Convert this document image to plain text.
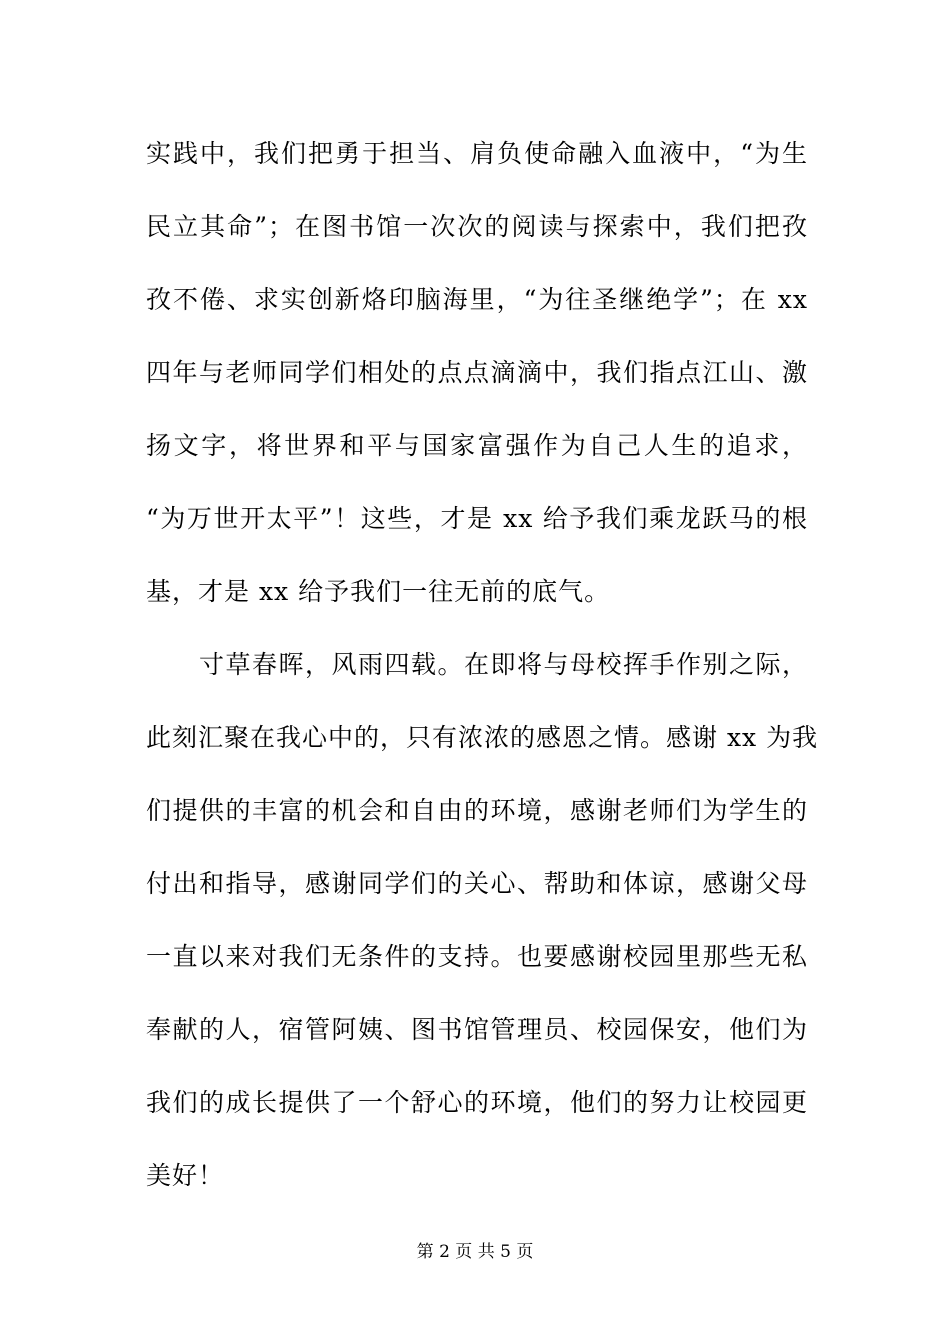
实践中，我们把勇于担当、肩负使命融入血液中，“为生
民立其命”；在图书馆一次次的阅读与探索中，我们把孜
孜不倦、求实创新烙印脑海里，“为往圣继绝学”；在 xx
四年与老师同学们相处的点点滴滴中，我们指点江山、激
扬文字，将世界和平与国家富强作为自己人生的追求，
“为万世开太平”！这些，才是 xx 给予我们乘龙跃马的根
基，才是 xx 给予我们一往无前的底气。
　　寸草春晖，风雨四载。在即将与母校挥手作别之际，
此刻汇聚在我心中的，只有浓浓的感恩之情。感谢 xx 为我
们提供的丰富的机会和自由的环境，感谢老师们为学生的
付出和指导，感谢同学们的关心、帮助和体谅，感谢父母
一直以来对我们无条件的支持。也要感谢校园里那些无私
奉献的人，宿管阿姨、图书馆管理员、校园保安，他们为
我们的成长提供了一个舒心的环境，他们的努力让校园更
美好！
第 2 页 共 5 页
